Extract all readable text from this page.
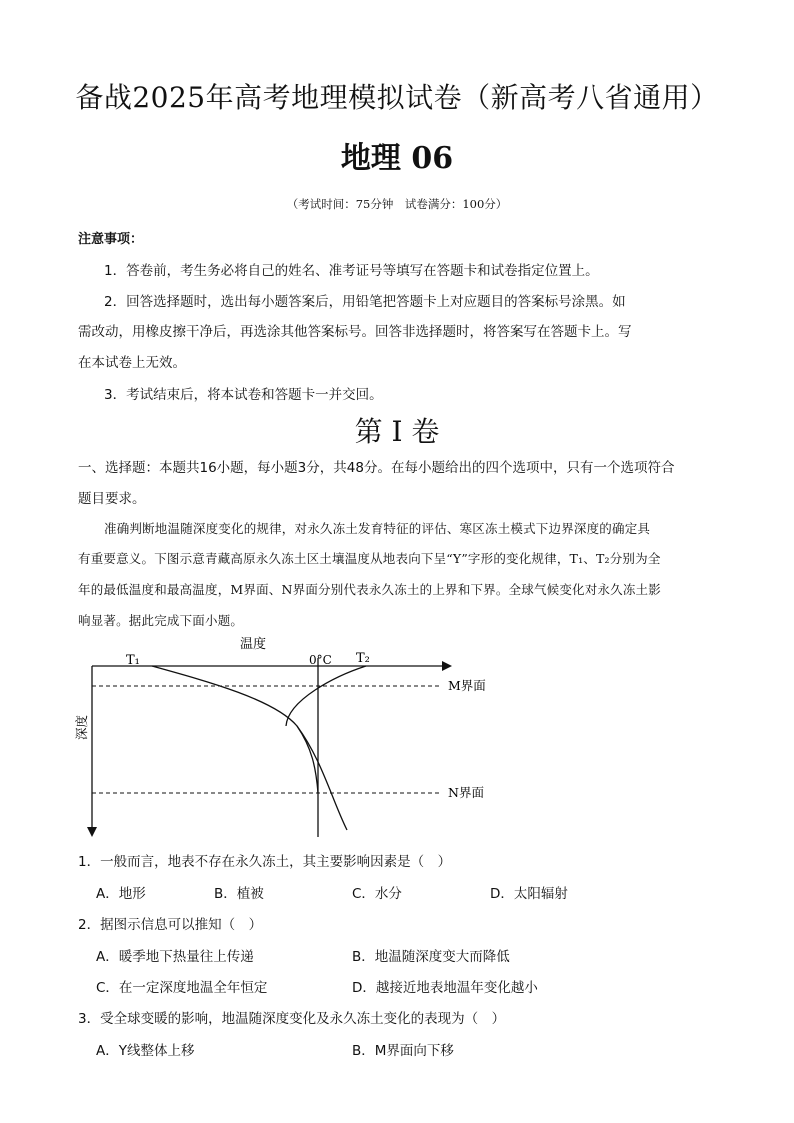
备战2025年高考地理模拟试卷（新高考八省通用）
地理 06
（考试时间：75分钟　试卷满分：100分）
注意事项：
1．答卷前，考生务必将自己的姓名、准考证号等填写在答题卡和试卷指定位置上。
2．回答选择题时，选出每小题答案后，用铅笔把答题卡上对应题目的答案标号涂黑。如
需改动，用橡皮擦干净后，再选涂其他答案标号。回答非选择题时，将答案写在答题卡上。写
在本试卷上无效。
3．考试结束后，将本试卷和答题卡一并交回。
第 I 卷
一、选择题：本题共16小题，每小题3分，共48分。在每小题给出的四个选项中，只有一个选项符合
题目要求。
准确判断地温随深度变化的规律，对永久冻土发育特征的评估、寒区冻土模式下边界深度的确定具
有重要意义。下图示意青藏高原永久冻土区土壤温度从地表向下呈“Y”字形的变化规律，T₁、T₂分别为全
年的最低温度和最高温度，M界面、N界面分别代表永久冻土的上界和下界。全球气候变化对永久冻土影
响显著。据此完成下面小题。
温度
T₁	0°C T₂
M界面
N界面
深度
1．一般而言，地表不存在永久冻土，其主要影响因素是（　）
A．地形	B．植被	C．水分	D．太阳辐射
2．据图示信息可以推知（　）
A．暖季地下热量往上传递	B．地温随深度变大而降低
C．在一定深度地温全年恒定	D．越接近地表地温年变化越小
3．受全球变暖的影响，地温随深度变化及永久冻土变化的表现为（　）
A．Y线整体上移	B．M界面向下移
